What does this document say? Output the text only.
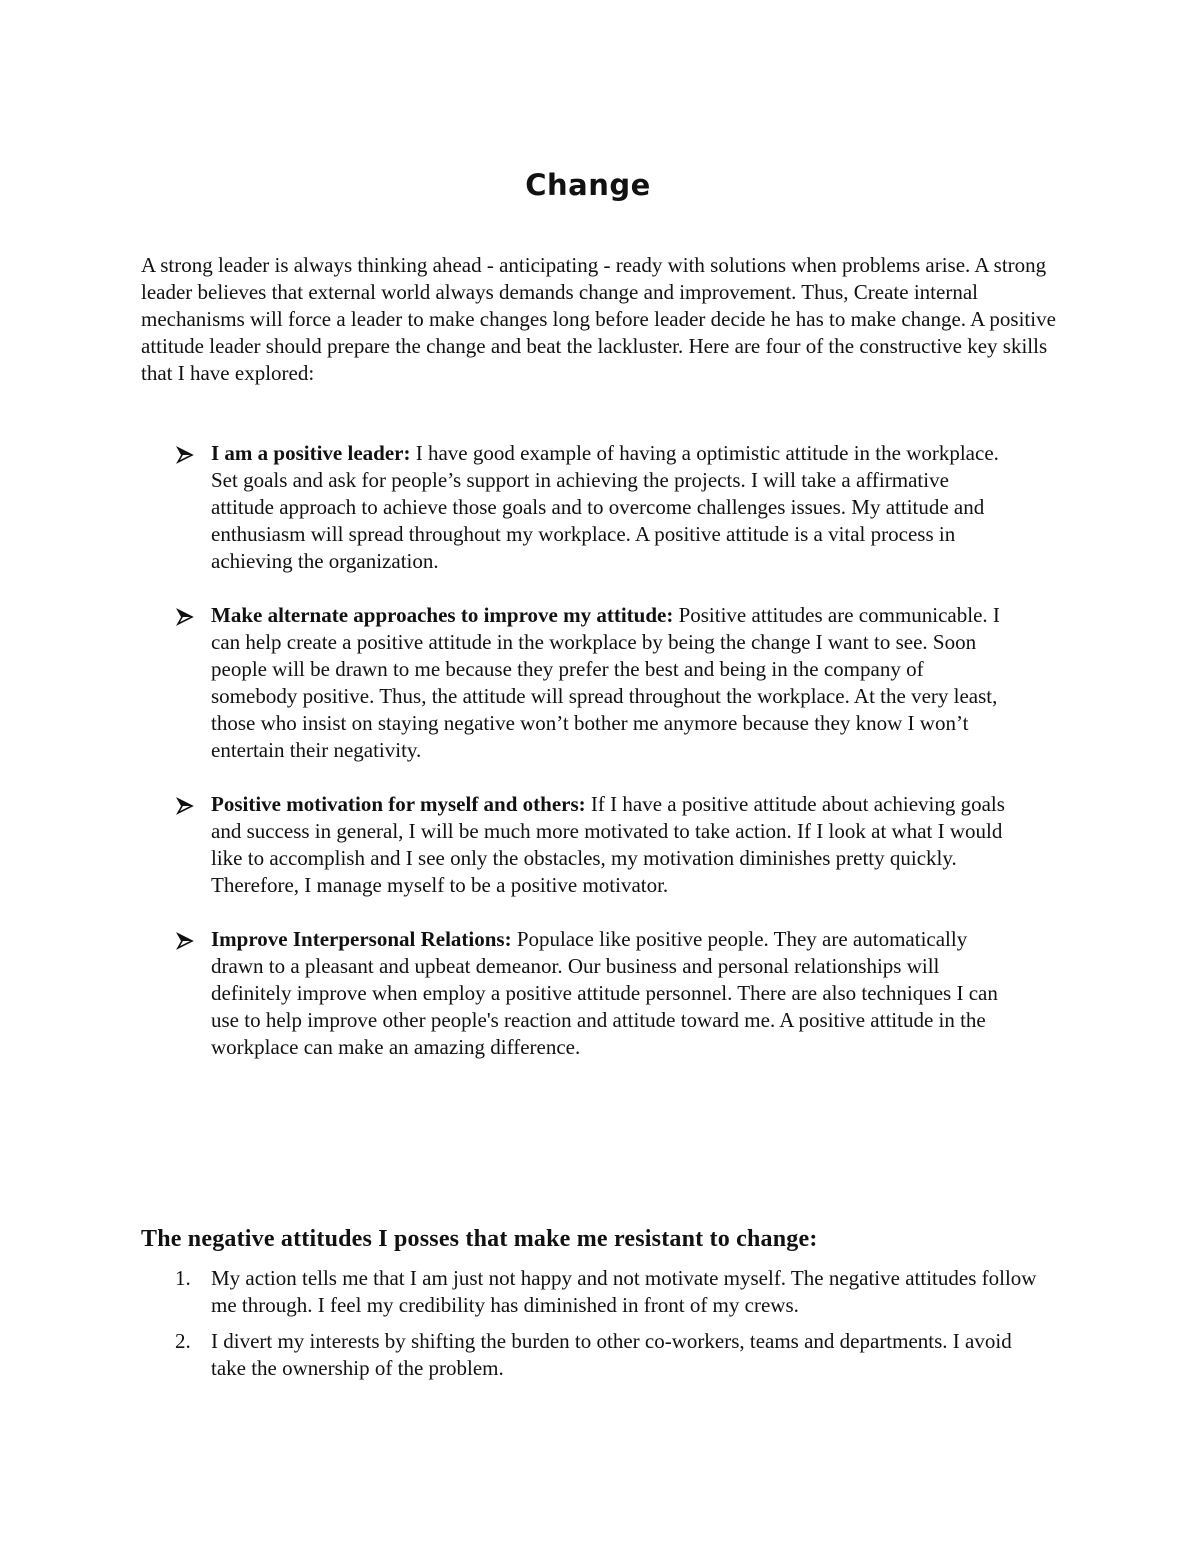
Change

A strong leader is always thinking ahead - anticipating - ready with solutions when problems arise. A strong leader believes that external world always demands change and improvement. Thus, Create internal mechanisms will force a leader to make changes long before leader decide he has to make change. A positive attitude leader should prepare the change and beat the lackluster. Here are four of the constructive key skills that I have explored:

I am a positive leader: I have good example of having a optimistic attitude in the workplace. Set goals and ask for people’s support in achieving the projects. I will take a affirmative attitude approach to achieve those goals and to overcome challenges issues. My attitude and enthusiasm will spread throughout my workplace. A positive attitude is a vital process in achieving the organization.
Make alternate approaches to improve my attitude: Positive attitudes are communicable. I can help create a positive attitude in the workplace by being the change I want to see. Soon people will be drawn to me because they prefer the best and being in the company of somebody positive. Thus, the attitude will spread throughout the workplace. At the very least, those who insist on staying negative won’t bother me anymore because they know I won’t entertain their negativity.
Positive motivation for myself and others: If I have a positive attitude about achieving goals and success in general, I will be much more motivated to take action. If I look at what I would like to accomplish and I see only the obstacles, my motivation diminishes pretty quickly. Therefore, I manage myself to be a positive motivator.
Improve Interpersonal Relations: Populace like positive people. They are automatically drawn to a pleasant and upbeat demeanor. Our business and personal relationships will definitely improve when employ a positive attitude personnel. There are also techniques I can use to help improve other people's reaction and attitude toward me. A positive attitude in the workplace can make an amazing difference.
The negative attitudes I posses that make me resistant to change:
1. My action tells me that I am just not happy and not motivate myself. The negative attitudes follow me through. I feel my credibility has diminished in front of my crews.
2. I divert my interests by shifting the burden to other co-workers, teams and departments. I avoid take the ownership of the problem.
